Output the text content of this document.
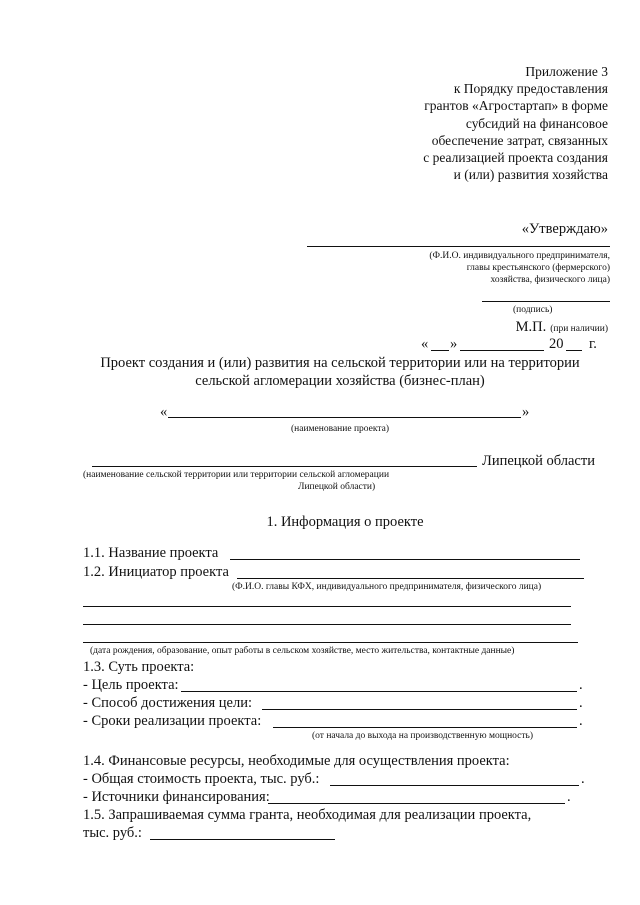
Приложение 3
к Порядку предоставления
грантов «Агростартап» в форме
субсидий на финансовое
обеспечение затрат, связанных
с реализацией проекта создания
и (или) развития хозяйства
«Утверждаю»
(Ф.И.О. индивидуального предпринимателя,
главы крестьянского (фермерского)
хозяйства, физического лица)
(подпись)
М.П. (при наличии)
« »	20 г.
Проект создания и (или) развития на сельской территории или на территории
сельской агломерации хозяйства (бизнес-план)
«	»
(наименование проекта)
Липецкой области
(наименование сельской территории или территории сельской агломерации
Липецкой области)
1. Информация о проекте
1.1. Название проекта
1.2. Инициатор проекта
(Ф.И.О. главы КФХ, индивидуального предпринимателя, физического лица)
(дата рождения, образование, опыт работы в сельском хозяйстве, место жительства, контактные данные)
1.3. Суть проекта:
- Цель проекта:	.
- Способ достижения цели:	.
- Сроки реализации проекта:	.
(от начала до выхода на производственную мощность)
1.4. Финансовые ресурсы, необходимые для осуществления проекта:
- Общая стоимость проекта, тыс. руб.:	.
- Источники финансирования:	.
1.5. Запрашиваемая сумма гранта, необходимая для реализации проекта,
тыс. руб.:
